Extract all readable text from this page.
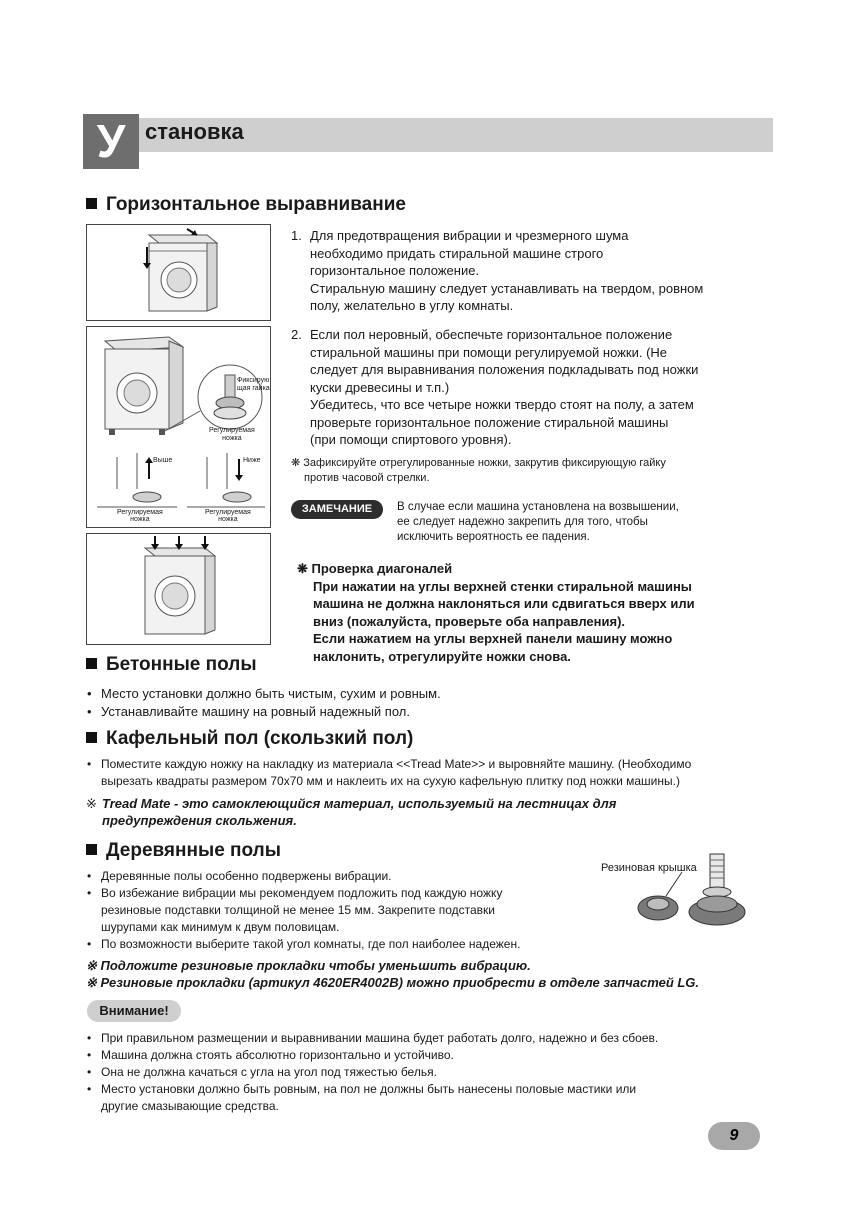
У становка
Горизонтальное выравнивание
Фиксирую
щая гайка
Регулируемая
ножка
Выше	Ниже
Регулируемая
ножка
Регулируемая
ножка
1. Для предотвращения вибрации и чрезмерного шума
необходимо придать стиральной машине строго
горизонтальное положение.
Стиральную машину следует устанавливать на твердом, ровном
полу, желательно в углу комнаты.
2. Если пол неровный, обеспечьте горизонтальное положение
стиральной машины при помощи регулируемой ножки. (Не
следует для выравнивания положения подкладывать под ножки
куски древесины и т.п.)
Убедитесь, что все четыре ножки твердо стоят на полу, а затем
проверьте горизонтальное положение стиральной машины
(при помощи спиртового уровня).
❋ Зафиксируйте отрегулированные ножки, закрутив фиксирующую гайку
против часовой стрелки.
ЗАМЕЧАНИЕ	В случае если машина установлена на возвышении,
ее следует надежно закрепить для того, чтобы
исключить вероятность ее падения.
❋ Проверка диагоналей
При нажатии на углы верхней стенки стиральной машины
машина не должна наклоняться или сдвигаться вверх или
вниз (пожалуйста, проверьте оба направления).
Если нажатием на углы верхней панели машину можно
наклонить, отрегулируйте ножки снова.
Бетонные полы
• Место установки должно быть чистым, сухим и ровным.
• Устанавливайте машину на ровный надежный пол.
Кафельный пол (скользкий пол)
• Поместите каждую ножку на накладку из материала <<Tread Mate>> и выровняйте машину. (Необходимо
вырезать квадраты размером 70x70 мм и наклеить их на сухую кафельную плитку под ножки машины.)
※ Tread Mate - это самоклеющийся материал, используемый на лестницах для
предупреждения скольжения.
Деревянные полы
• Деревянные полы особенно подвержены вибрации.
• Во избежание вибрации мы рекомендуем подложить под каждую ножку
резиновые подставки толщиной не менее 15 мм. Закрепите подставки
шурупами как минимум к двум половицам.
• По возможности выберите такой угол комнаты, где пол наиболее надежен.
Резиновая крышка
※ Подложите резиновые прокладки чтобы уменьшить вибрацию.
※ Резиновые прокладки (артикул 4620ER4002B) можно приобрести в отделе запчастей LG.
Внимание!
• При правильном размещении и выравнивании машина будет работать долго, надежно и без сбоев.
• Машина должна стоять абсолютно горизонтально и устойчиво.
• Она не должна качаться с угла на угол под тяжестью белья.
• Место установки должно быть ровным, на пол не должны быть нанесены половые мастики или
другие смазывающие средства.
9
